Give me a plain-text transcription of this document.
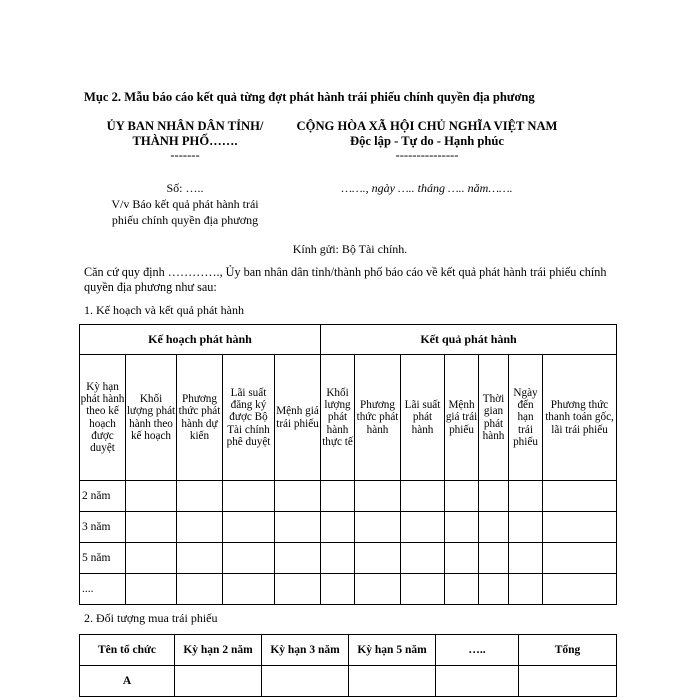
Mục 2. Mẫu báo cáo kết quả từng đợt phát hành trái phiếu chính quyền địa phương
ỦY BAN NHÂN DÂN TỈNH/
THÀNH PHỐ…….
-------
CỘNG HÒA XÃ HỘI CHỦ NGHĨA VIỆT NAM
Độc lập - Tự do - Hạnh phúc
---------------
Số: …..
V/v Báo kết quả phát hành trái
phiếu chính quyền địa phương
……., ngày ….. tháng ….. năm…….
Kính gửi: Bộ Tài chính.
Căn cứ quy định …………., Ủy ban nhân dân tỉnh/thành phố báo cáo về kết quả phát hành trái phiếu chính quyền địa phương như sau:
1. Kế hoạch và kết quả phát hành
Kế hoạch phát hành					Kết quả phát hành						
Kỳ hạn phát hành theo kế hoạch được duyệt	Khối lượng phát hành theo kế hoạch	Phương thức phát hành dự kiến	Lãi suất đăng ký được Bộ Tài chính phê duyệt	Mệnh giá trái phiếu	Khối lượng phát hành thực tế	Phương thức phát hành	Lãi suất phát hành	Mệnh giá trái phiếu	Thời gian phát hành	Ngày đến hạn trái phiếu	Phương thức thanh toán gốc, lãi trái phiếu
2 năm											
3 năm											
5 năm											
....											
2. Đối tượng mua trái phiếu
Tên tổ chức	Kỳ hạn 2 năm	Kỳ hạn 3 năm	Kỳ hạn 5 năm	…..	Tổng
A					
